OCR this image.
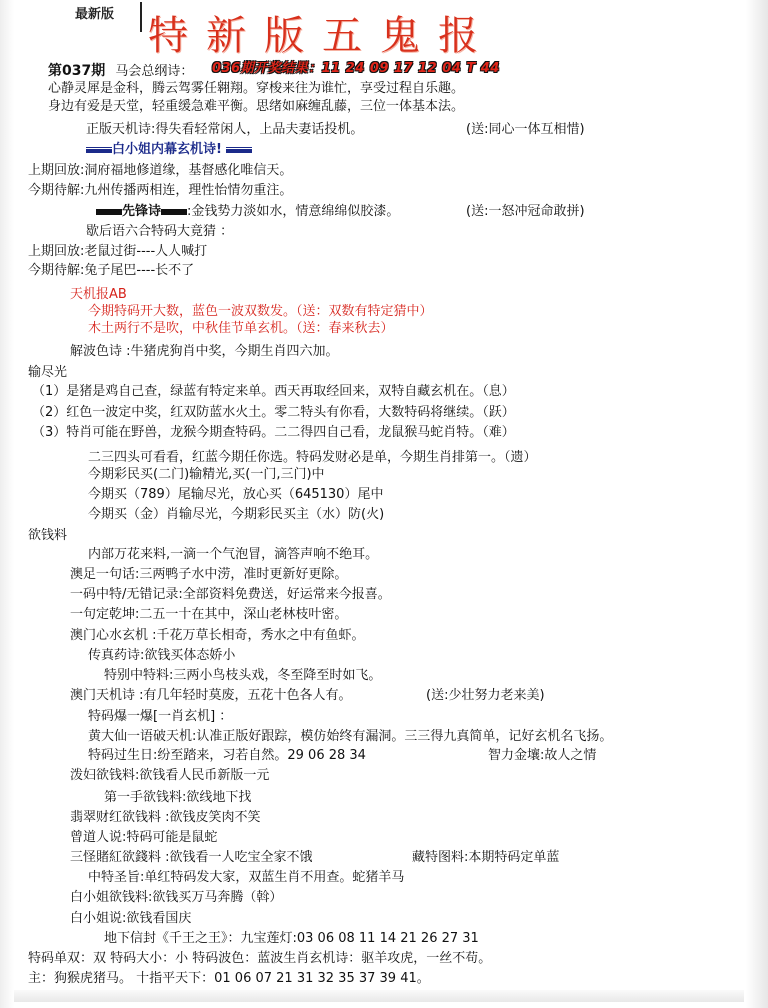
最新版 特新版五鬼报
第037期 马会总纲诗： 036期开奖结果：11 24 09 17 12 04 T 44
心静灵犀是金科，腾云驾雾任翱翔。穿梭来往为谁忙，享受过程自乐趣。
身边有爱是天堂，轻重缓急难平衡。思绪如麻缠乱藤，三位一体基本法。
正版天机诗:得失看轻常闲人，上品夫妻话投机。	(送:同心一体互相惜)
白小姐内幕玄机诗!
上期回放:洞府福地修道缘，基督感化唯信天。
今期待解:九州传播两相连，理性怡情勿重注。
先锋诗 :金钱势力淡如水，情意绵绵似胶漆。	(送:一怒冲冠命敢拼)
歇后语六合特码大竟猜 ：
上期回放:老鼠过街----人人喊打
今期待解:兔子尾巴----长不了
天机报AB
今期特码开大数，蓝色一波双数发。（送：双数有特定猜中）
木土两行不是吹，中秋佳节单玄机。（送：春来秋去）
解波色诗 :牛猪虎狗肖中奖，今期生肖四六加。
输尽光
（1）是猪是鸡自己查，绿蓝有特定来单。西天再取经回来，双特自藏玄机在。（息）
（2）红色一波定中奖，红双防蓝水火土。零二特头有你看，大数特码将继续。（跃）
（3）特肖可能在野兽，龙猴今期查特码。二二得四自己看，龙鼠猴马蛇肖特。（难）
二三四头可看看，红蓝今期任你选。特码发财必是单，今期生肖排第一。（遗）
今期彩民买(二门)输精光,买(一门,三门)中
今期买（789）尾输尽光，放心买（645130）尾中
今期买（金）肖输尽光，今期彩民买主（水）防(火)
欲钱料
内部万花来料,一滴一个气泡冒，滴答声响不绝耳。
澳足一句话:三两鸭子水中涝，准时更新好更除。
一码中特/无错记录:全部资料免费送，好运常来今报喜。
一句定乾坤:二五一十在其中，深山老林枝叶密。
澳门心水玄机 :千花万草长相奇，秀水之中有鱼虾。
传真药诗:欲钱买体态娇小
特别中特料:三两小鸟枝头戏，冬至降至时如飞。
澳门天机诗 :有几年轻时莫废，五花十色各人有。	(送:少壮努力老来美)
特码爆一爆[一肖玄机] ：
黄大仙一语破天机:认准正版好跟踪，模仿始终有漏洞。三三得九真简单，记好玄机名飞扬。
特码过生日:纷至踏来，习若自然。29 06 28 34	智力金壤:故人之情
泼妇欲钱料:欲钱看人民币新版一元
第一手欲钱料:欲线地下找
翡翠财红欲钱料 :欲钱皮笑肉不笑
曾道人说:特码可能是鼠蛇
三怪賭紅欲錢料 :欲钱看一人吃宝全家不饿	藏特图料:本期特码定单蓝
中特圣旨:单红特码发大家，双蓝生肖不用查。蛇猪羊马
白小姐欲钱料:欲钱买万马奔腾（斡）
白小姐说:欲钱看国庆
地下信封《千王之王》：九宝莲灯:03 06 08 11 14 21 26 27 31
特码单双：双 特码大小：小 特码波色：蓝波生肖玄机诗：驱羊攻虎，一丝不苟。
主：狗猴虎猪马。 十指平天下：01 06 07 21 31 32 35 37 39 41。
